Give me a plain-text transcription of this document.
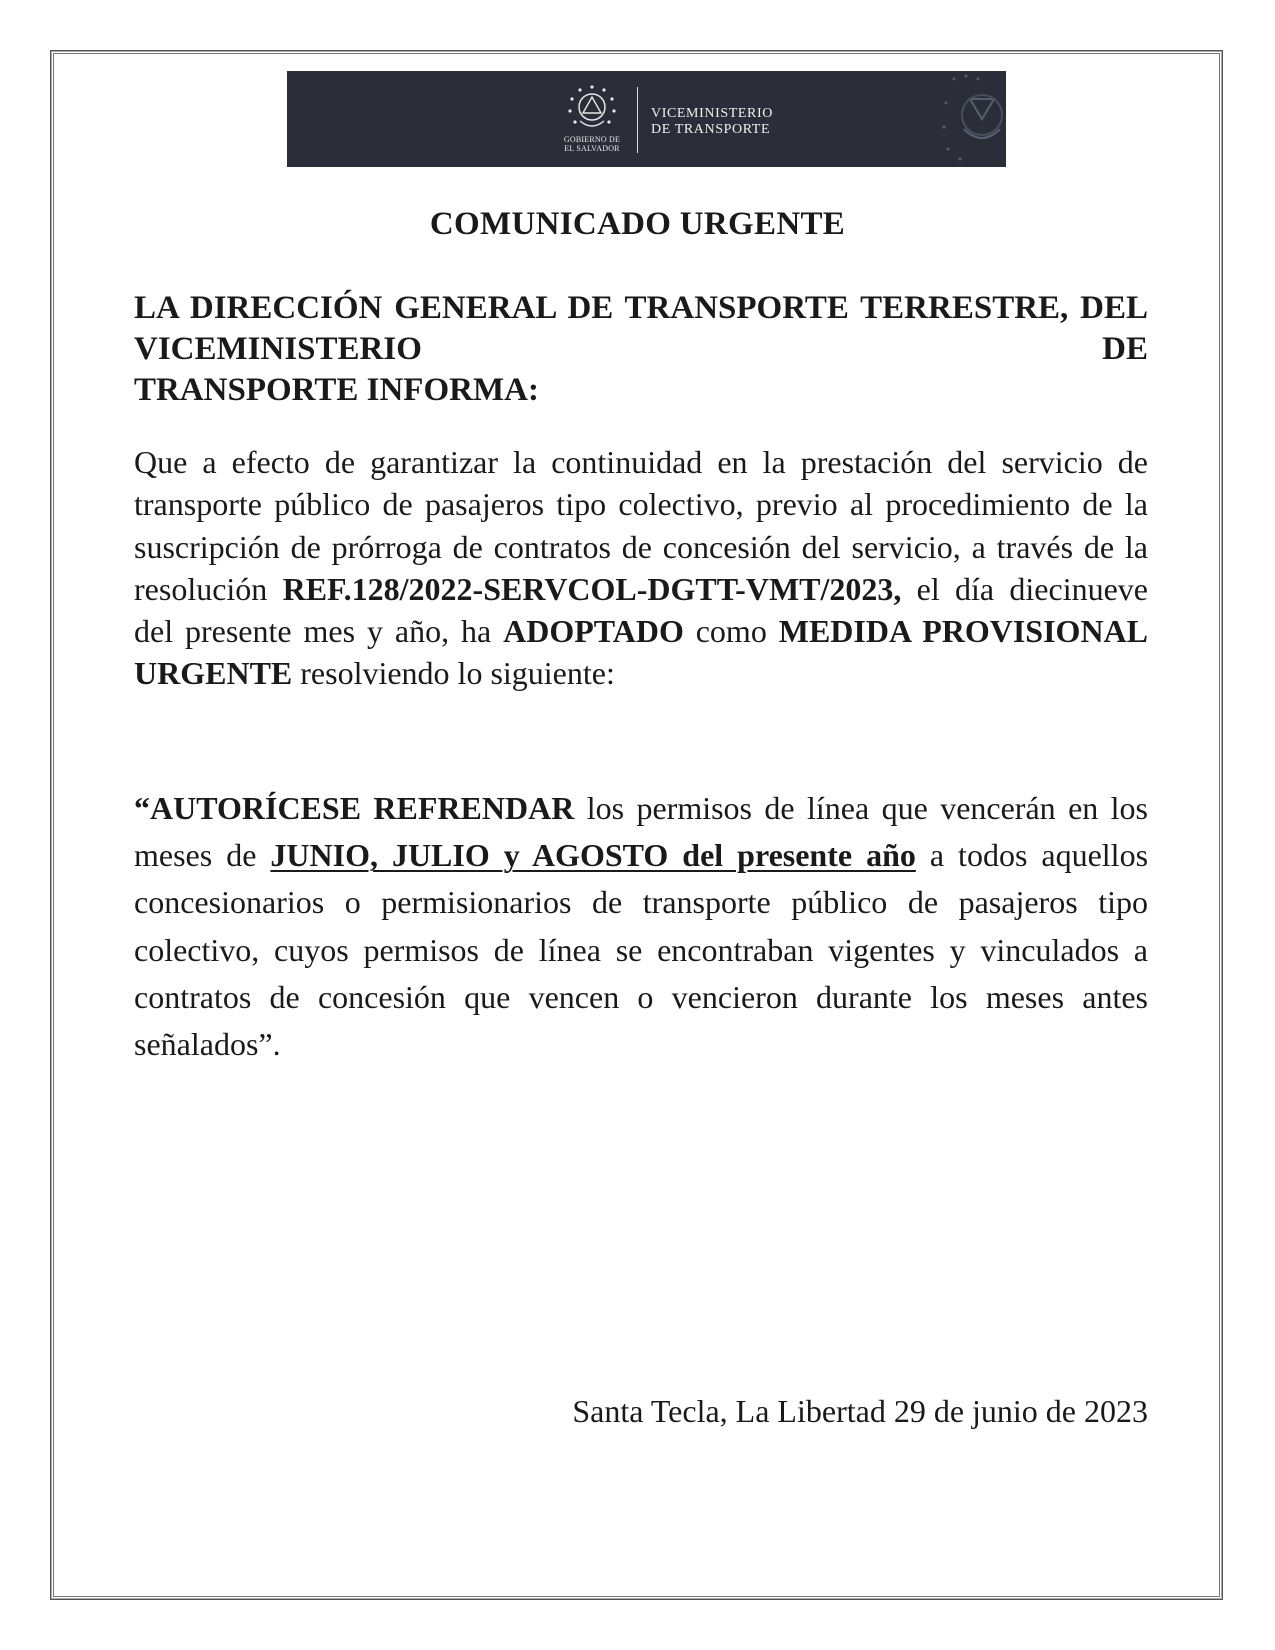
GOBIERNO DE
EL SALVADOR
VICEMINISTERIO
DE TRANSPORTE
COMUNICADO URGENTE
LA DIRECCIÓN GENERAL DE TRANSPORTE TERRESTRE, DEL VICEMINISTERIO DE
TRANSPORTE INFORMA:
Que a efecto de garantizar la continuidad en la prestación del servicio de transporte público de pasajeros tipo colectivo, previo al procedimiento de la suscripción de prórroga de contratos de concesión del servicio, a través de la resolución REF.128/2022-SERVCOL-DGTT-VMT/2023, el día diecinueve del presente mes y año, ha ADOPTADO como MEDIDA PROVISIONAL URGENTE resolviendo lo siguiente:
“AUTORÍCESE REFRENDAR los permisos de línea que vencerán en los meses de JUNIO, JULIO y AGOSTO del presente año a todos aquellos concesionarios o permisionarios de transporte público de pasajeros tipo colectivo, cuyos permisos de línea se encontraban vigentes y vinculados a contratos de concesión que vencen o vencieron durante los meses antes señalados”.
Santa Tecla, La Libertad 29 de junio de 2023
